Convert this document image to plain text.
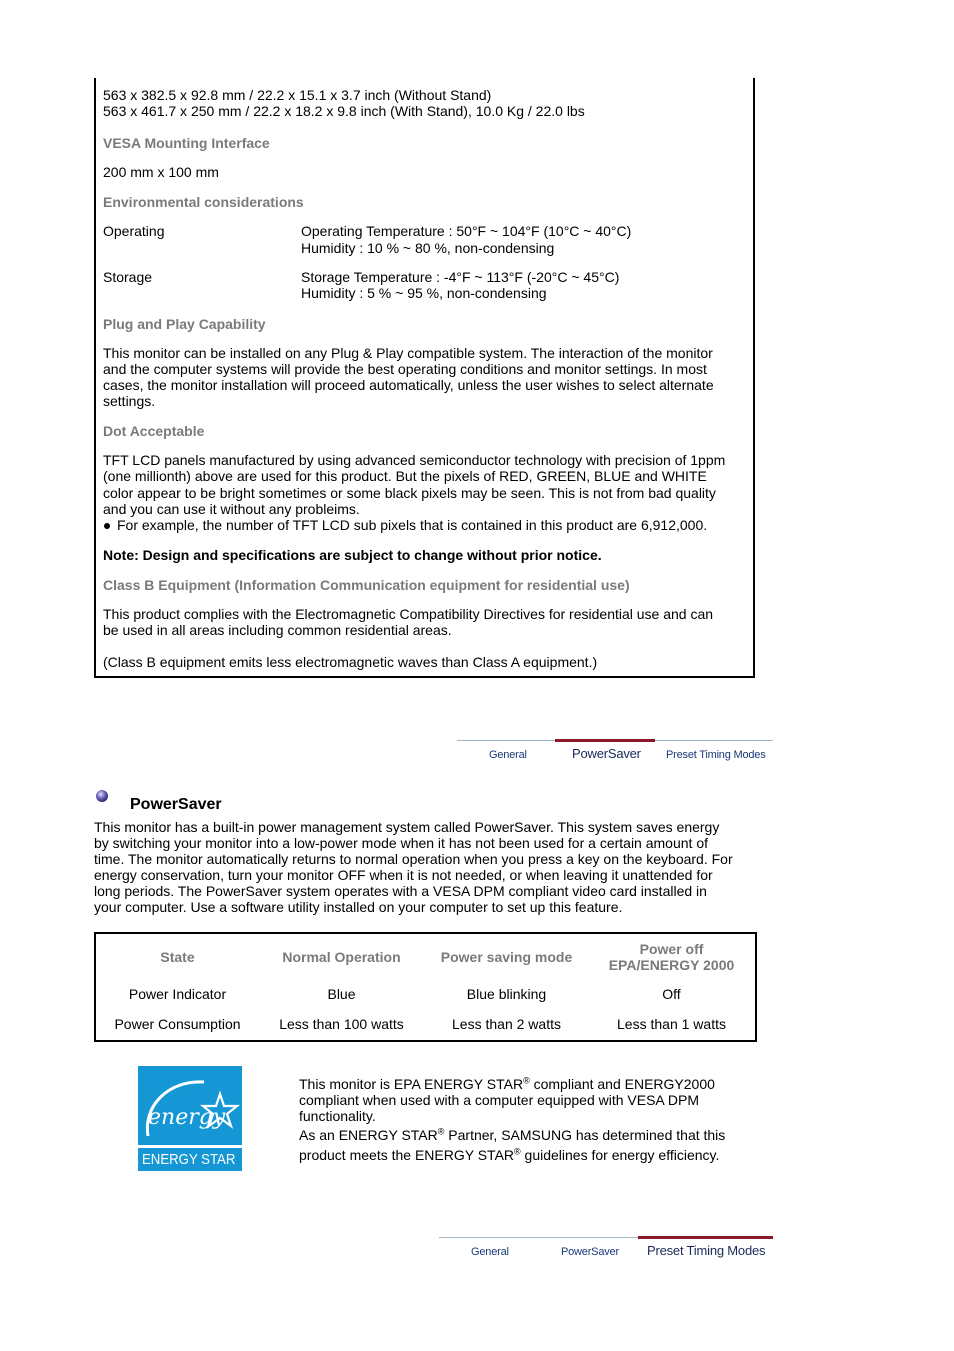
563 x 382.5 x 92.8 mm / 22.2 x 15.1 x 3.7 inch (Without Stand)

563 x 461.7 x 250 mm / 22.2 x 18.2 x 9.8 inch (With Stand), 10.0 Kg / 22.0 lbs

VESA Mounting Interface

200 mm x 100 mm

Environmental considerations

Operating	Operating Temperature : 50°F ~ 104°F (10°C ~ 40°C)

Humidity : 10 % ~ 80 %, non-condensing

Storage	Storage Temperature : -4°F ~ 113°F (-20°C ~ 45°C)

Humidity : 5 % ~ 95 %, non-condensing

Plug and Play Capability

This monitor can be installed on any Plug & Play compatible system. The interaction of the monitor

and the computer systems will provide the best operating conditions and monitor settings. In most

cases, the monitor installation will proceed automatically, unless the user wishes to select alternate

settings.

Dot Acceptable

TFT LCD panels manufactured by using advanced semiconductor technology with precision of 1ppm

(one millionth) above are used for this product. But the pixels of RED, GREEN, BLUE and WHITE

color appear to be bright sometimes or some black pixels may be seen. This is not from bad quality

and you can use it without any probleims.

For example, the number of TFT LCD sub pixels that is contained in this product are 6,912,000.

Note: Design and specifications are subject to change without prior notice.

Class B Equipment (Information Communication equipment for residential use)

This product complies with the Electromagnetic Compatibility Directives for residential use and can

be used in all areas including common residential areas.

(Class B equipment emits less electromagnetic waves than Class A equipment.)

General	PowerSaver Preset Timing Modes

PowerSaver

This monitor has a built-in power management system called PowerSaver. This system saves energy

by switching your monitor into a low-power mode when it has not been used for a certain amount of

time. The monitor automatically returns to normal operation when you press a key on the keyboard. For

energy conservation, turn your monitor OFF when it is not needed, or when leaving it unattended for

long periods. The PowerSaver system operates with a VESA DPM compliant video card installed in

your computer. Use a software utility installed on your computer to set up this feature.

State	Normal Operation	Power saving mode	Power off
EPA/ENERGY 2000
Power Indicator	Blue	Blue blinking	Off
Power Consumption	Less than 100 watts	Less than 2 watts	Less than 1 watts
energy
ENERGY STAR

This monitor is EPA ENERGY STAR® compliant and ENERGY2000

compliant when used with a computer equipped with VESA DPM

functionality.

As an ENERGY STAR® Partner, SAMSUNG has determined that this

product meets the ENERGY STAR® guidelines for energy efficiency.

General	PowerSaver Preset Timing Modes
